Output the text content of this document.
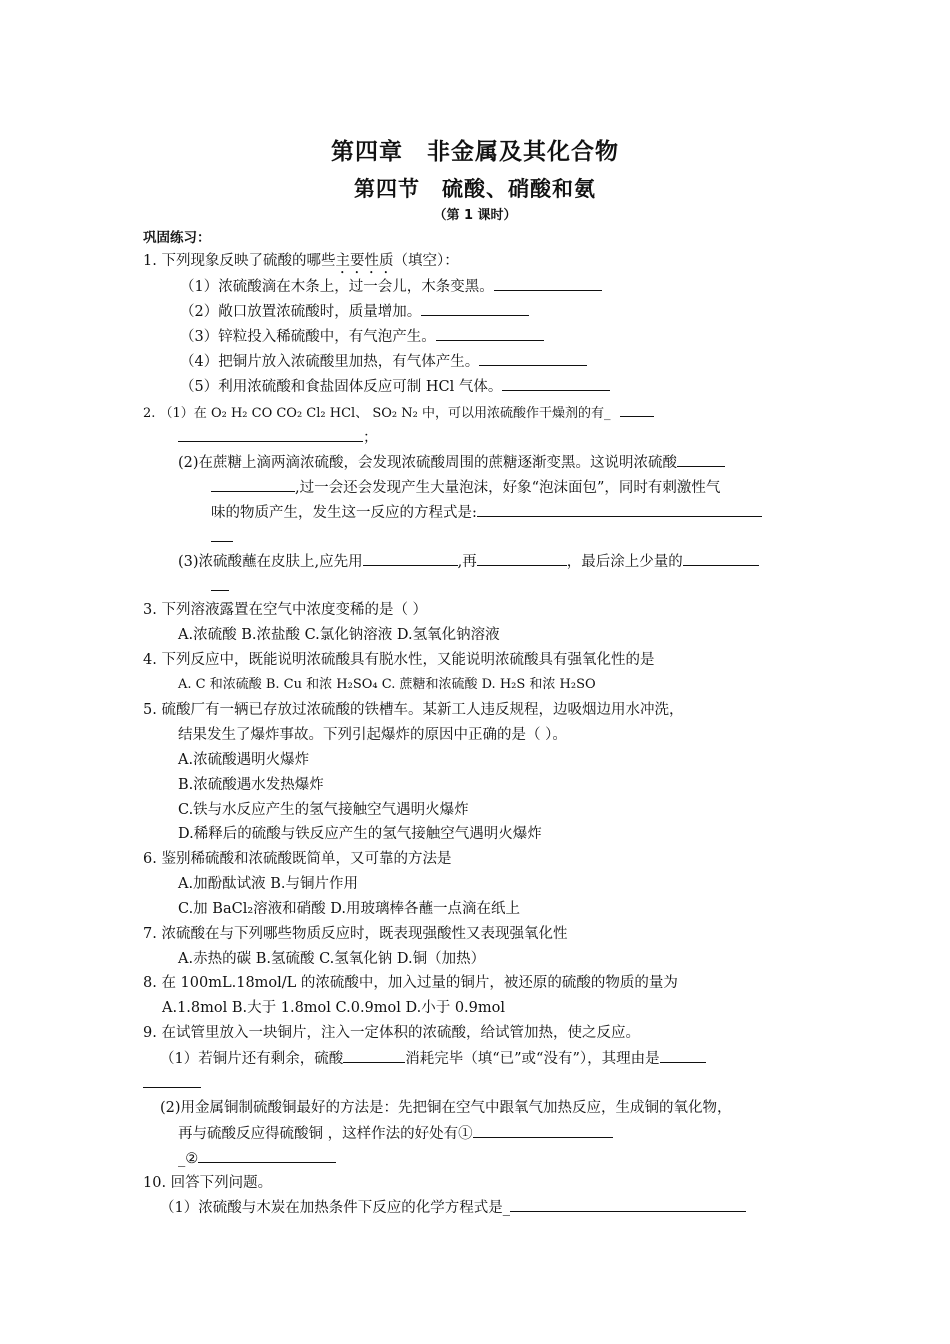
第四章　非金属及其化合物
第四节　硫酸、硝酸和氨
（第 1 课时）
巩固练习：
1. 下列现象反映了硫酸的哪些主要性质（填空）：
（1）浓硫酸滴在木条上，过一会儿，木条变黑。
（2）敞口放置浓硫酸时，质量增加。
（3）锌粒投入稀硫酸中，有气泡产生。
（4）把铜片放入浓硫酸里加热，有气体产生。
（5）利用浓硫酸和食盐固体反应可制 HCl 气体。
2. （1）在 O₂ H₂ CO CO₂ Cl₂ HCl、 SO₂ N₂ 中，可以用浓硫酸作干燥剂的有_
；
(2)在蔗糖上滴两滴浓硫酸，会发现浓硫酸周围的蔗糖逐渐变黑。这说明浓硫酸
,过一会还会发现产生大量泡沫，好象“泡沫面包”，同时有刺激性气
味的物质产生，发生这一反应的方程式是:
(3)浓硫酸蘸在皮肤上,应先用	,再	，最后涂上少量的
3. 下列溶液露置在空气中浓度变稀的是（ ）
A.浓硫酸 B.浓盐酸 C.氯化钠溶液 D.氢氧化钠溶液
4. 下列反应中，既能说明浓硫酸具有脱水性，又能说明浓硫酸具有强氧化性的是
A. C 和浓硫酸 B. Cu 和浓 H₂SO₄ C. 蔗糖和浓硫酸 D. H₂S 和浓 H₂SO
5. 硫酸厂有一辆已存放过浓硫酸的铁槽车。某新工人违反规程，边吸烟边用水冲洗，
结果发生了爆炸事故。下列引起爆炸的原因中正确的是（ ）。
A.浓硫酸遇明火爆炸
B.浓硫酸遇水发热爆炸
C.铁与水反应产生的氢气接触空气遇明火爆炸
D.稀释后的硫酸与铁反应产生的氢气接触空气遇明火爆炸
6. 鉴别稀硫酸和浓硫酸既简单，又可靠的方法是
A.加酚酞试液 B.与铜片作用
C.加 BaCl₂溶液和硝酸 D.用玻璃棒各蘸一点滴在纸上
7. 浓硫酸在与下列哪些物质反应时，既表现强酸性又表现强氧化性
A.赤热的碳 B.氢硫酸 C.氢氧化钠 D.铜（加热）
8. 在 100mL.18mol/L 的浓硫酸中，加入过量的铜片，被还原的硫酸的物质的量为
A.1.8mol B.大于 1.8mol C.0.9mol D.小于 0.9mol
9. 在试管里放入一块铜片，注入一定体积的浓硫酸，给试管加热，使之反应。
（1）若铜片还有剩余，硫酸	消耗完毕（填“已”或“没有”），其理由是
(2)用金属铜制硫酸铜最好的方法是：先把铜在空气中跟氧气加热反应，生成铜的氧化物，
再与硫酸反应得硫酸铜 ，这样作法的好处有①
_②
10. 回答下列问题。
（1）浓硫酸与木炭在加热条件下反应的化学方程式是_
